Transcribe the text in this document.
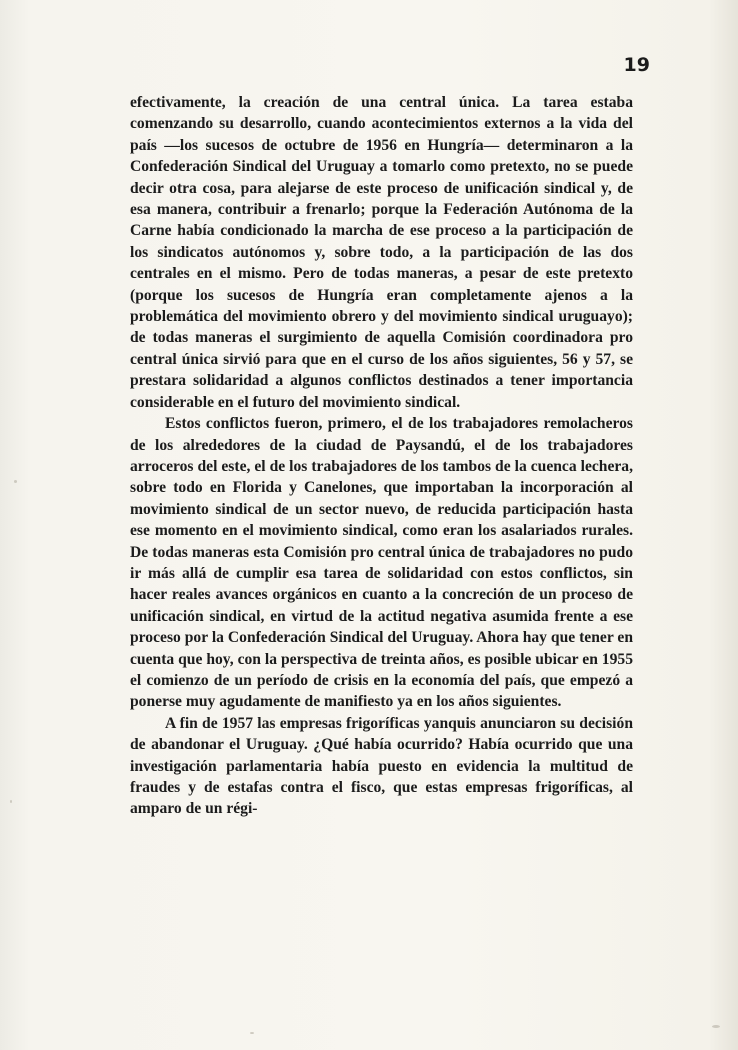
19

efectivamente, la creación de una central única. La tarea estaba comenzando su desarrollo, cuando acontecimientos externos a la vida del país —los sucesos de octubre de 1956 en Hungría— determinaron a la Confederación Sindical del Uruguay a tomarlo como pretexto, no se puede decir otra cosa, para alejarse de este proceso de unificación sindical y, de esa manera, contribuir a frenarlo; porque la Federación Autónoma de la Carne había condicionado la marcha de ese proceso a la participación de los sindicatos autónomos y, sobre todo, a la participación de las dos centrales en el mismo. Pero de todas maneras, a pesar de este pretexto (porque los sucesos de Hungría eran completamente ajenos a la problemática del movimiento obrero y del movimiento sindical uruguayo); de todas maneras el surgimiento de aquella Comisión coordinadora pro central única sirvió para que en el curso de los años siguientes, 56 y 57, se prestara solidaridad a algunos conflictos destinados a tener importancia considerable en el futuro del movimiento sindical.

Estos conflictos fueron, primero, el de los trabajadores remolacheros de los alrededores de la ciudad de Paysandú, el de los trabajadores arroceros del este, el de los trabajadores de los tambos de la cuenca lechera, sobre todo en Florida y Canelones, que importaban la incorporación al movimiento sindical de un sector nuevo, de reducida participación hasta ese momento en el movimiento sindical, como eran los asalariados rurales. De todas maneras esta Comisión pro central única de trabajadores no pudo ir más allá de cumplir esa tarea de solidaridad con estos conflictos, sin hacer reales avances orgánicos en cuanto a la concreción de un proceso de unificación sindical, en virtud de la actitud negativa asumida frente a ese proceso por la Confederación Sindical del Uruguay. Ahora hay que tener en cuenta que hoy, con la perspectiva de treinta años, es posible ubicar en 1955 el comienzo de un período de crisis en la economía del país, que empezó a ponerse muy agudamente de manifiesto ya en los años siguientes.

A fin de 1957 las empresas frigoríficas yanquis anunciaron su decisión de abandonar el Uruguay. ¿Qué había ocurrido? Había ocurrido que una investigación parlamentaria había puesto en evidencia la multitud de fraudes y de estafas contra el fisco, que estas empresas frigoríficas, al amparo de un régi-
